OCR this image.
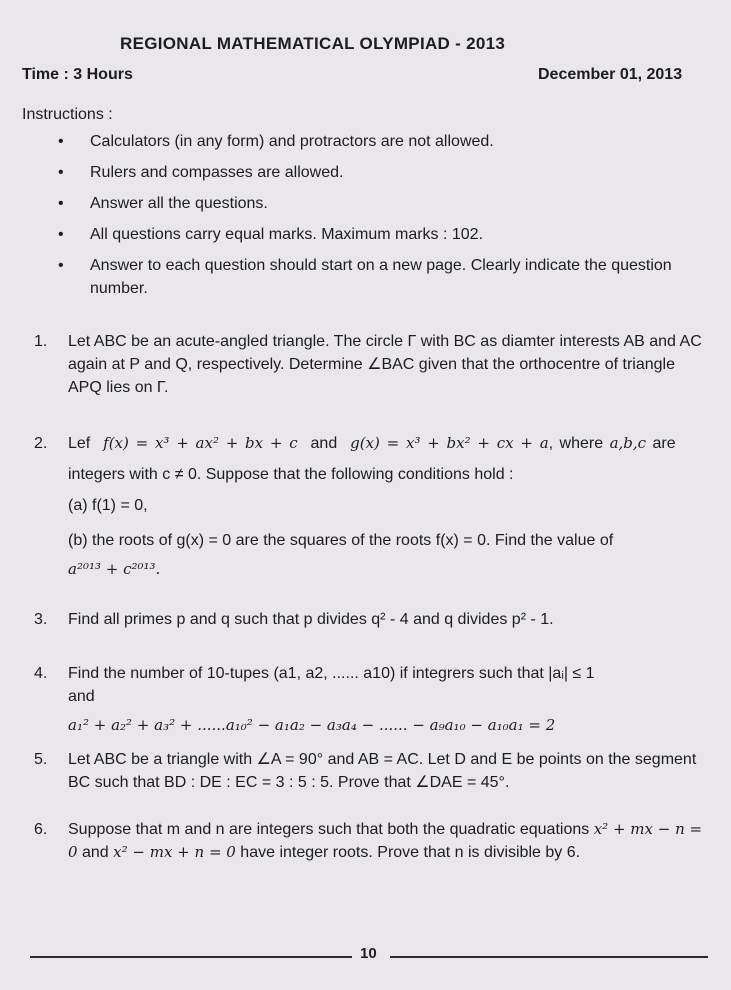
REGIONAL MATHEMATICAL OLYMPIAD - 2013
Time : 3 Hours	December 01, 2013
Instructions :
• Calculators (in any form) and protractors are not allowed.
• Rulers and compasses are allowed.
• Answer all the questions.
• All questions carry equal marks. Maximum marks : 102.
• Answer to each question should start on a new page. Clearly indicate the question number.
1. Let ABC be an acute-angled triangle. The circle Γ with BC as diamter interests AB and AC again at P and Q, respectively. Determine ∠BAC given that the orthocentre of triangle APQ lies on Γ.
2. Lef f(x) = x³ + ax² + bx + c and g(x) = x³ + bx² + cx + a, where a,b,c are
integers with c ≠ 0. Suppose that the following conditions hold :
(a) f(1) = 0,
(b) the roots of g(x) = 0 are the squares of the roots f(x) = 0. Find the value of
a²⁰¹³ + c²⁰¹³.
3. Find all primes p and q such that p divides q² - 4 and q divides p² - 1.
4. Find the number of 10-tupes (a1, a2, ...... a10) if integrers such that |aᵢ| ≤ 1
and
a₁² + a₂² + a₃² + ......a₁₀² − a₁a₂ − a₃a₄ − ...... − a₉a₁₀ − a₁₀a₁ = 2
5. Let ABC be a triangle with ∠A = 90° and AB = AC. Let D and E be points on the segment BC such that BD : DE : EC = 3 : 5 : 5. Prove that ∠DAE = 45°.
6. Suppose that m and n are integers such that both the quadratic equations x² + mx − n = 0 and x² − mx + n = 0 have integer roots. Prove that n is divisible by 6.
10
